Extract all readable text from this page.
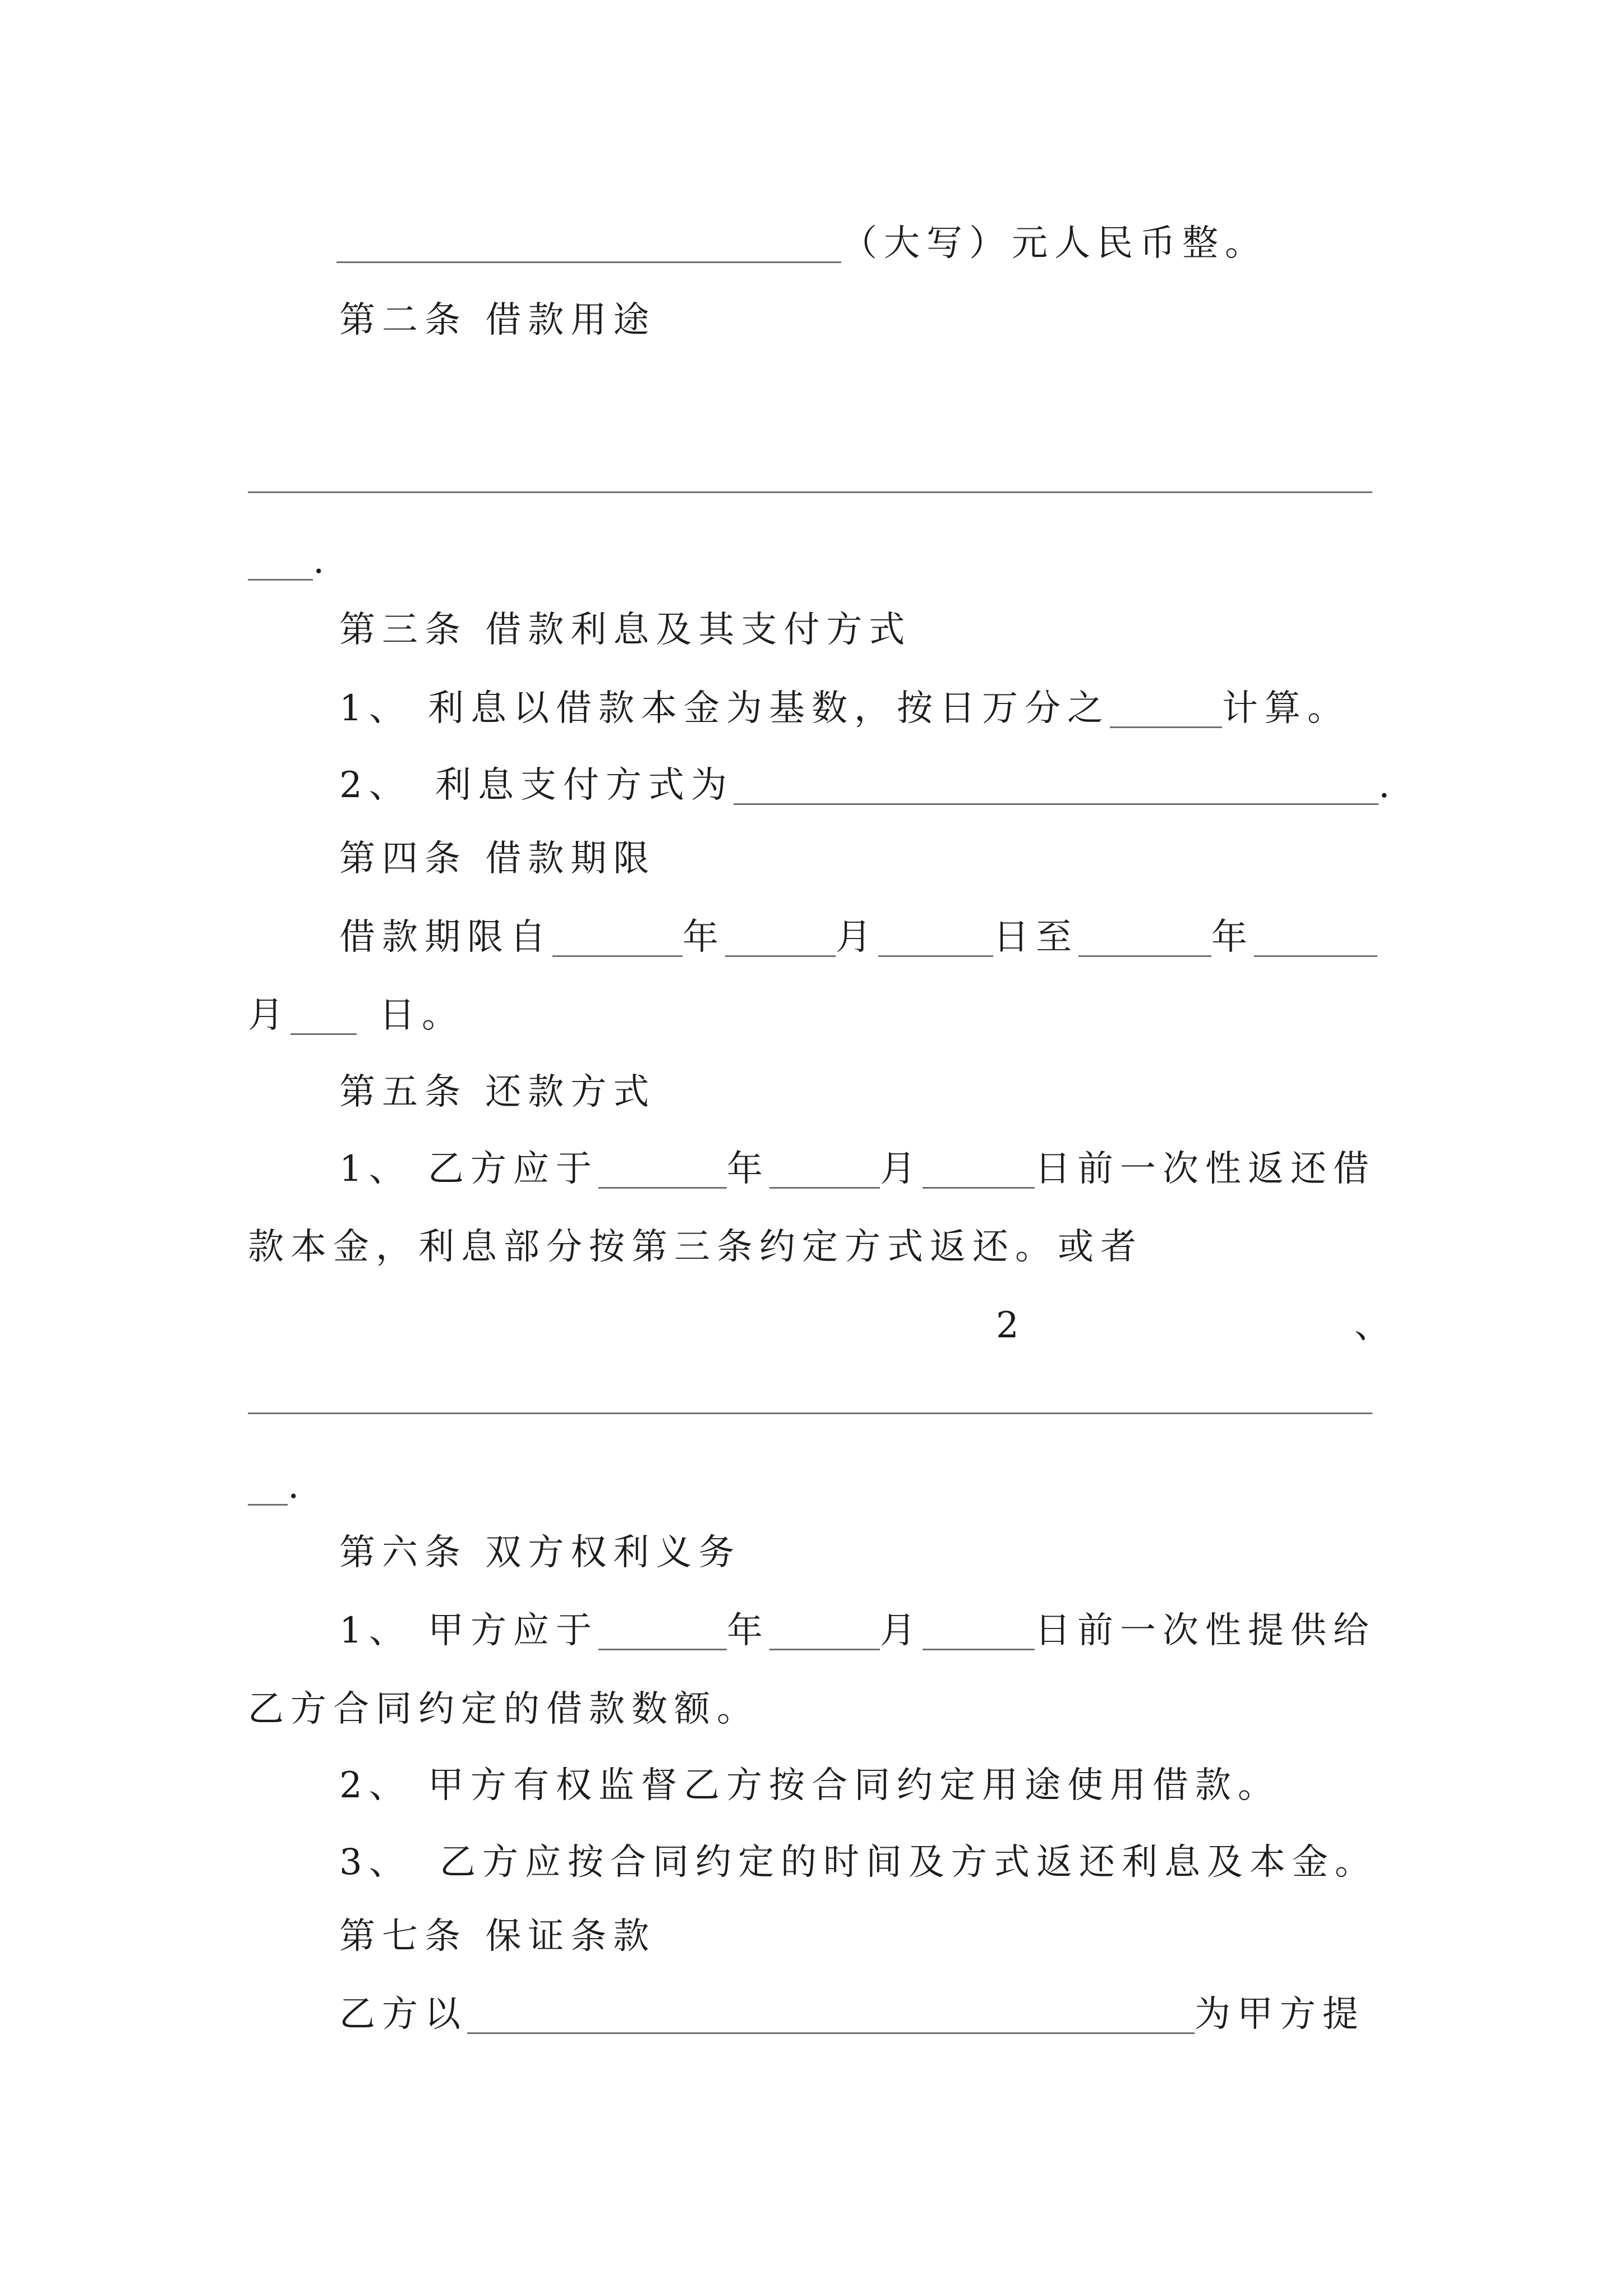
（大写）元人民币整。
第二条 借款用途
.
第三条 借款利息及其支付方式
1、 利息以借款本金为基数，按日万分之	计算。
2、 利息支付方式为	.
第四条 借款期限
借款期限自	年	月	日至	年
月 日。
第五条 还款方式
1、 乙方应于	年	月	日前一次性返还借
款本金，利息部分按第三条约定方式返还。或者
2	、
.
第六条 双方权利义务
1、 甲方应于	年	月	日前一次性提供给
乙方合同约定的借款数额。
2、 甲方有权监督乙方按合同约定用途使用借款。
3、 乙方应按合同约定的时间及方式返还利息及本金。
第七条 保证条款
乙方以	为甲方提
